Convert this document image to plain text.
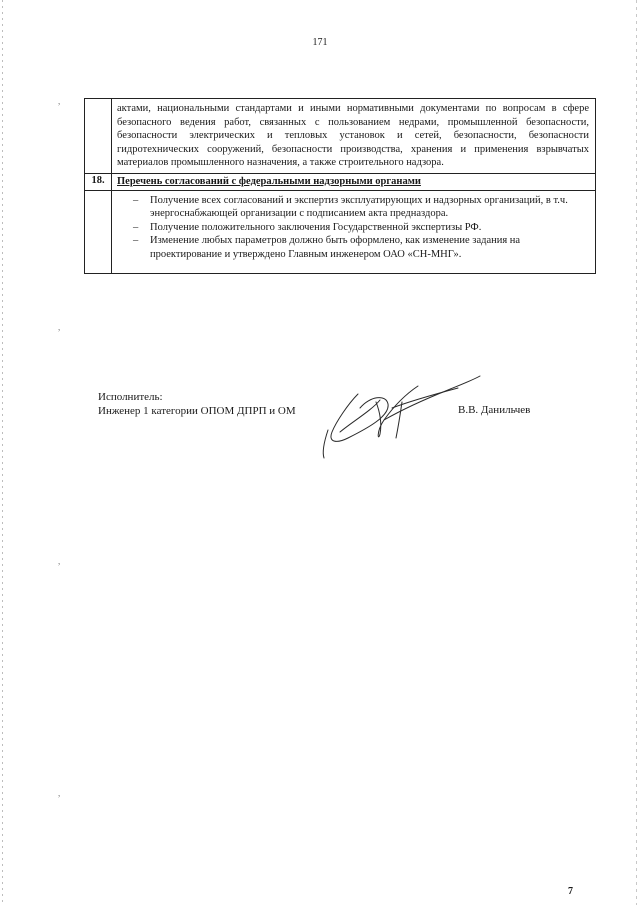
171
актами, национальными стандартами и иными нормативными документами по вопросам в сфере безопасного ведения работ, связанных с пользованием недрами, промышленной безопасности, безопасности электрических и тепловых установок и сетей, безопасности, безопасности гидротехнических сооружений, безопасности производства, хранения и применения взрывчатых материалов промышленного назначения, а также строительного надзора.
18.	Перечень согласований с федеральными надзорными органами
– Получение всех согласований и экспертиз эксплуатирующих и надзорных организаций, в т.ч. энергоснабжающей организации с подписанием акта предназдора.
– Получение положительного заключения Государственной экспертизы РФ.
– Изменение любых параметров должно быть оформлено, как изменение задания на проектирование и утверждено Главным инженером ОАО «СН-МНГ».
Исполнитель:
Инженер 1 категории ОПОМ ДПРП и ОМ	В.В. Данильчев
,
,
,
,
7
